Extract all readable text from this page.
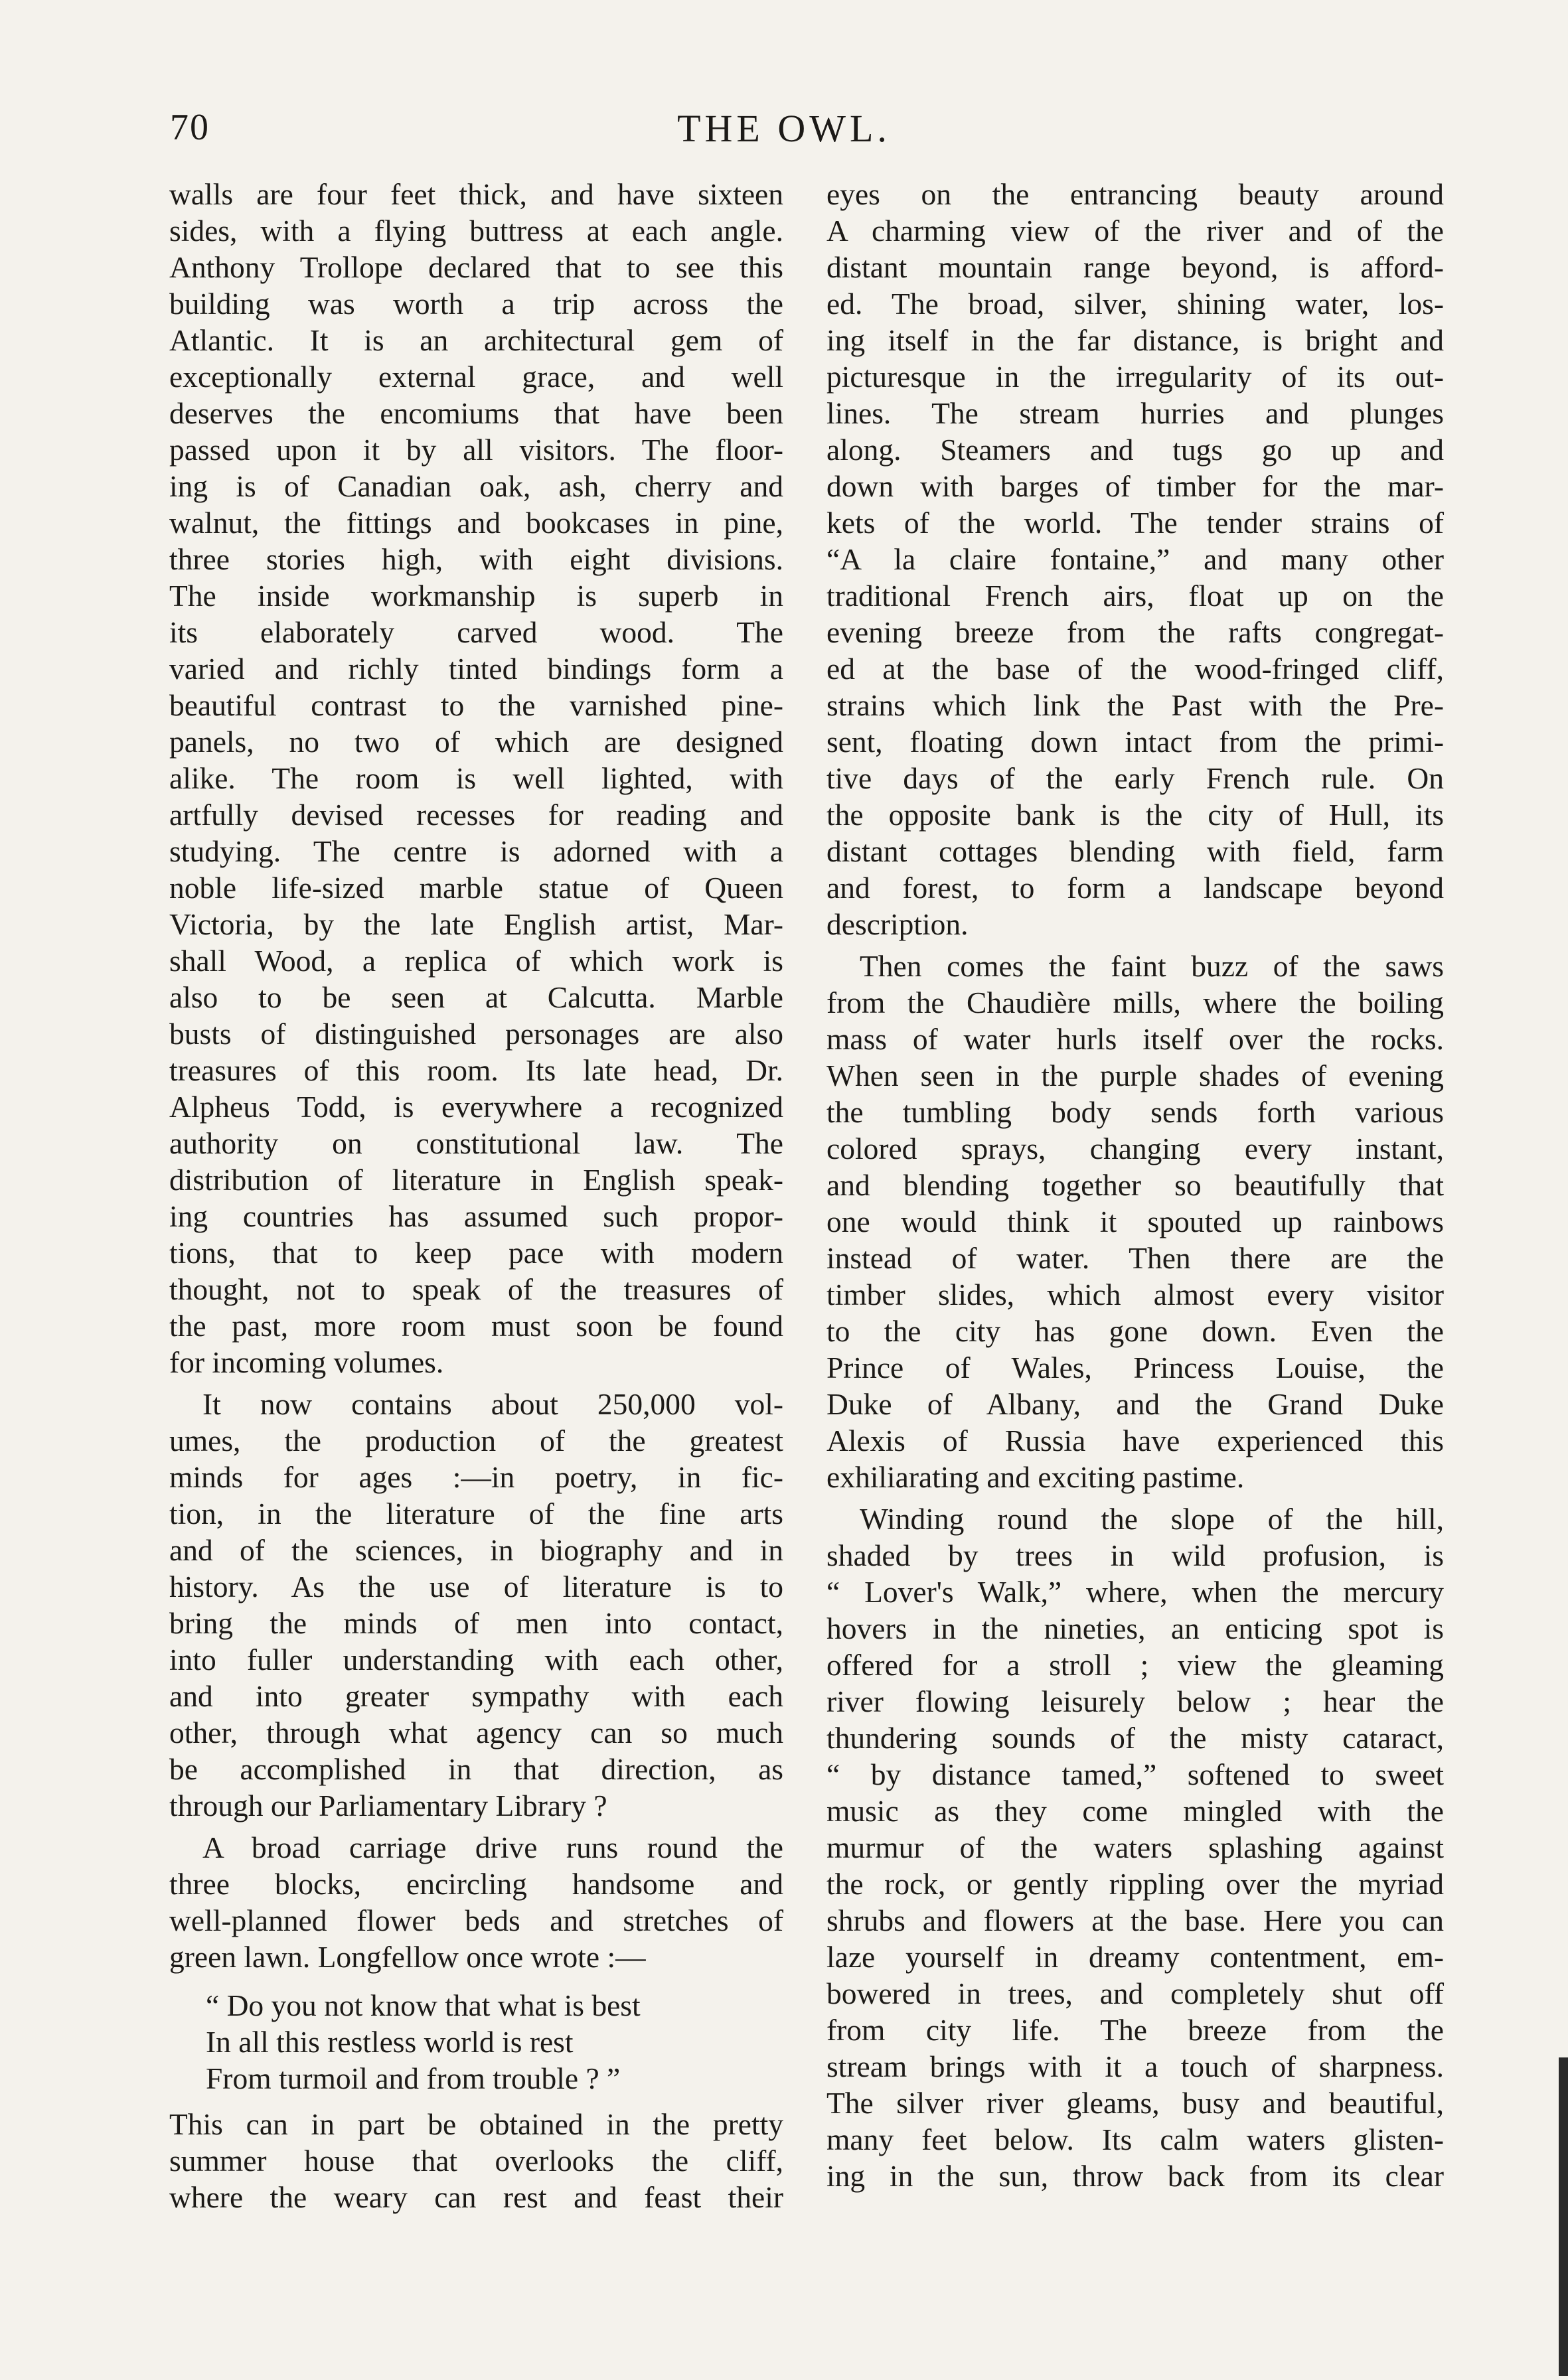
70	THE OWL.
walls are four feet thick, and have sixteen
sides, with a flying buttress at each angle.
Anthony Trollope declared that to see this
building was worth a trip across the
Atlantic. It is an architectural gem of
exceptionally external grace, and well
deserves the encomiums that have been
passed upon it by all visitors. The floor-
ing is of Canadian oak, ash, cherry and
walnut, the fittings and bookcases in pine,
three stories high, with eight divisions.
The inside workmanship is superb in
its elaborately carved wood. The
varied and richly tinted bindings form a
beautiful contrast to the varnished pine-
panels, no two of which are designed
alike. The room is well lighted, with
artfully devised recesses for reading and
studying. The centre is adorned with a
noble life-sized marble statue of Queen
Victoria, by the late English artist, Mar-
shall Wood, a replica of which work is
also to be seen at Calcutta. Marble
busts of distinguished personages are also
treasures of this room. Its late head, Dr.
Alpheus Todd, is everywhere a recognized
authority on constitutional law. The
distribution of literature in English speak-
ing countries has assumed such propor-
tions, that to keep pace with modern
thought, not to speak of the treasures of
the past, more room must soon be found
for incoming volumes.
It now contains about 250,000 vol-
umes, the production of the greatest
minds for ages :—in poetry, in fic-
tion, in the literature of the fine arts
and of the sciences, in biography and in
history. As the use of literature is to
bring the minds of men into contact,
into fuller understanding with each other,
and into greater sympathy with each
other, through what agency can so much
be accomplished in that direction, as
through our Parliamentary Library ?
A broad carriage drive runs round the
three blocks, encircling handsome and
well-planned flower beds and stretches of
green lawn. Longfellow once wrote :—
“ Do you not know that what is best
In all this restless world is rest
From turmoil and from trouble ? ”
This can in part be obtained in the pretty
summer house that overlooks the cliff,
where the weary can rest and feast their
eyes on the entrancing beauty around
A charming view of the river and of the
distant mountain range beyond, is afford-
ed. The broad, silver, shining water, los-
ing itself in the far distance, is bright and
picturesque in the irregularity of its out-
lines. The stream hurries and plunges
along. Steamers and tugs go up and
down with barges of timber for the mar-
kets of the world. The tender strains of
“A la claire fontaine,” and many other
traditional French airs, float up on the
evening breeze from the rafts congregat-
ed at the base of the wood-fringed cliff,
strains which link the Past with the Pre-
sent, floating down intact from the primi-
tive days of the early French rule. On
the opposite bank is the city of Hull, its
distant cottages blending with field, farm
and forest, to form a landscape beyond
description.
Then comes the faint buzz of the saws
from the Chaudière mills, where the boiling
mass of water hurls itself over the rocks.
When seen in the purple shades of evening
the tumbling body sends forth various
colored sprays, changing every instant,
and blending together so beautifully that
one would think it spouted up rainbows
instead of water. Then there are the
timber slides, which almost every visitor
to the city has gone down. Even the
Prince of Wales, Princess Louise, the
Duke of Albany, and the Grand Duke
Alexis of Russia have experienced this
exhiliarating and exciting pastime.
Winding round the slope of the hill,
shaded by trees in wild profusion, is
“ Lover's Walk,” where, when the mercury
hovers in the nineties, an enticing spot is
offered for a stroll ; view the gleaming
river flowing leisurely below ; hear the
thundering sounds of the misty cataract,
“ by distance tamed,” softened to sweet
music as they come mingled with the
murmur of the waters splashing against
the rock, or gently rippling over the myriad
shrubs and flowers at the base. Here you can
laze yourself in dreamy contentment, em-
bowered in trees, and completely shut off
from city life. The breeze from the
stream brings with it a touch of sharpness.
The silver river gleams, busy and beautiful,
many feet below. Its calm waters glisten-
ing in the sun, throw back from its clear
